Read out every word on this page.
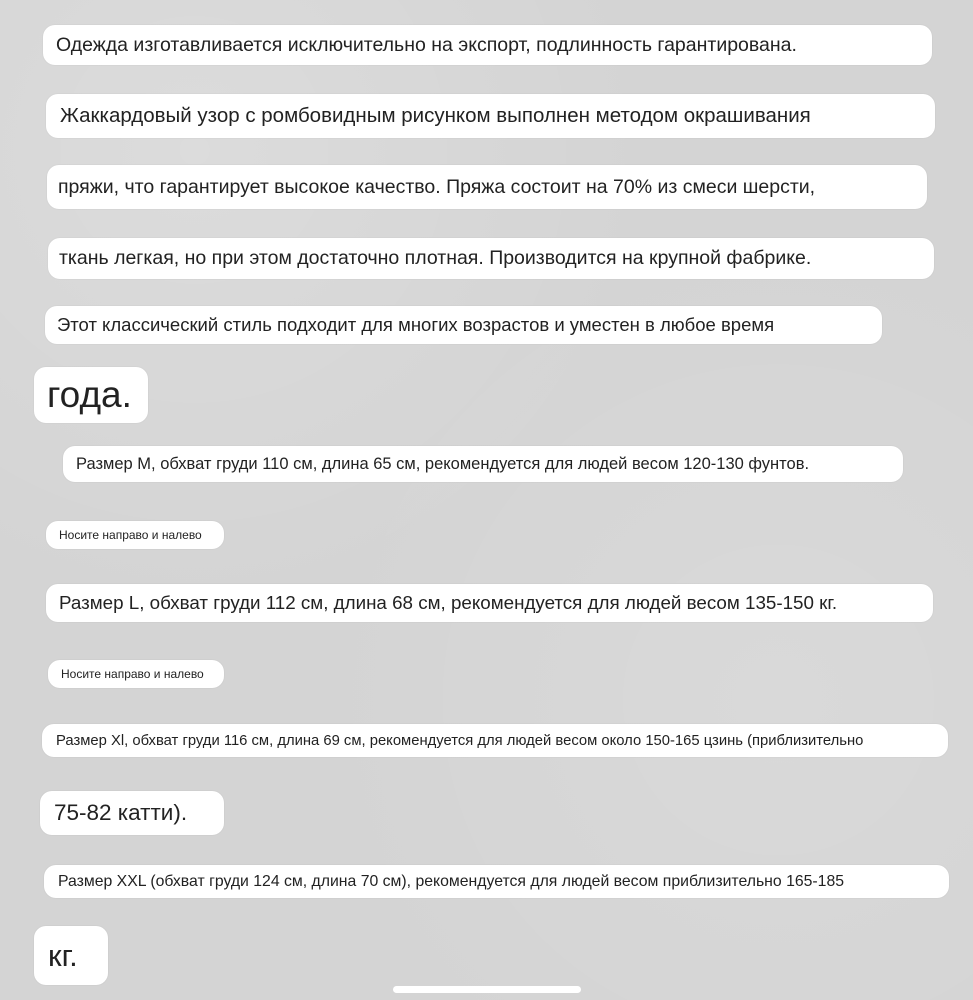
Одежда изготавливается исключительно на экспорт, подлинность гарантирована.
Жаккардовый узор с ромбовидным рисунком выполнен методом окрашивания
пряжи, что гарантирует высокое качество. Пряжа состоит на 70% из смеси шерсти,
ткань легкая, но при этом достаточно плотная. Производится на крупной фабрике.
Этот классический стиль подходит для многих возрастов и уместен в любое время
года.
Размер M, обхват груди 110 см, длина 65 см, рекомендуется для людей весом 120-130 фунтов.
Носите направо и налево
Размер L, обхват груди 112 см, длина 68 см, рекомендуется для людей весом 135-150 кг.
Носите направо и налево
Размер Xl, обхват груди 116 см, длина 69 см, рекомендуется для людей весом около 150-165 цзинь (приблизительно
75-82 катти).
Размер XXL (обхват груди 124 см, длина 70 см), рекомендуется для людей весом приблизительно 165-185
кг.
